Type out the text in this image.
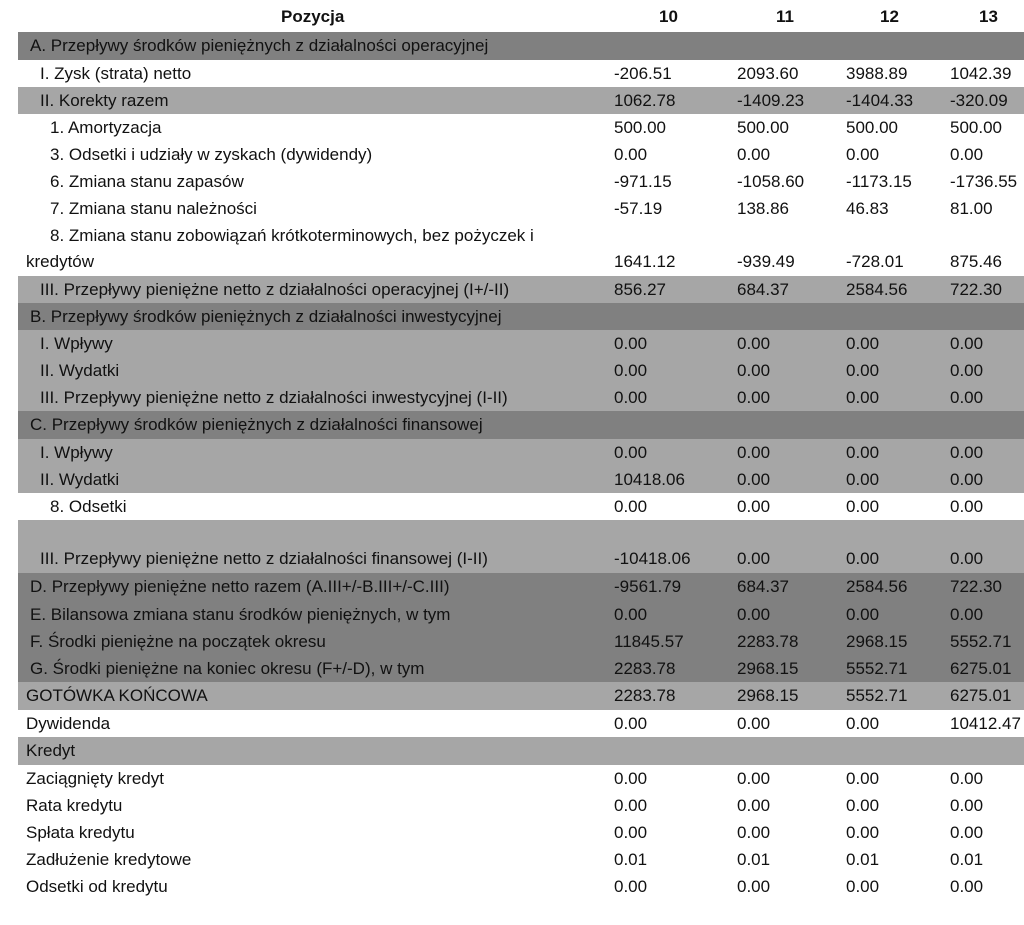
Pozycja	10	11	12	13
A. Przepływy środków pieniężnych z działalności operacyjnej
I. Zysk (strata) netto	-206.51	2093.60	3988.89	1042.39
II. Korekty razem	1062.78	-1409.23 -1404.33 -320.09
1. Amortyzacja	500.00	500.00	500.00	500.00
3. Odsetki i udziały w zyskach (dywidendy)	0.00	0.00	0.00	0.00
6. Zmiana stanu zapasów	-971.15	-1058.60 -1173.15 -1736.55
7. Zmiana stanu należności	-57.19	138.86	46.83	81.00
8. Zmiana stanu zobowiązań krótkoterminowych, bez pożyczek i
kredytów	1641.12	-939.49	-728.01	875.46
III. Przepływy pieniężne netto z działalności operacyjnej (I+/-II)	856.27	684.37	2584.56	722.30
B. Przepływy środków pieniężnych z działalności inwestycyjnej
I. Wpływy	0.00	0.00	0.00	0.00
II. Wydatki	0.00	0.00	0.00	0.00
III. Przepływy pieniężne netto z działalności inwestycyjnej (I-II)	0.00	0.00	0.00	0.00
C. Przepływy środków pieniężnych z działalności finansowej
I. Wpływy	0.00	0.00	0.00	0.00
II. Wydatki	10418.06	0.00	0.00	0.00
8. Odsetki	0.00	0.00	0.00	0.00
III. Przepływy pieniężne netto z działalności finansowej (I-II)	-10418.06	0.00	0.00	0.00
D. Przepływy pieniężne netto razem (A.III+/-B.III+/-C.III)	-9561.79	684.37	2584.56	722.30
E. Bilansowa zmiana stanu środków pieniężnych, w tym	0.00	0.00	0.00	0.00
F. Środki pieniężne na początek okresu	11845.57	2283.78	2968.15	5552.71
G. Środki pieniężne na koniec okresu (F+/-D), w tym	2283.78	2968.15	5552.71	6275.01
GOTÓWKA KOŃCOWA	2283.78	2968.15	5552.71	6275.01
Dywidenda	0.00	0.00	0.00	10412.47
Kredyt
Zaciągnięty kredyt	0.00	0.00	0.00	0.00
Rata kredytu	0.00	0.00	0.00	0.00
Spłata kredytu	0.00	0.00	0.00	0.00
Zadłużenie kredytowe	0.01	0.01	0.01	0.01
Odsetki od kredytu	0.00	0.00	0.00	0.00
